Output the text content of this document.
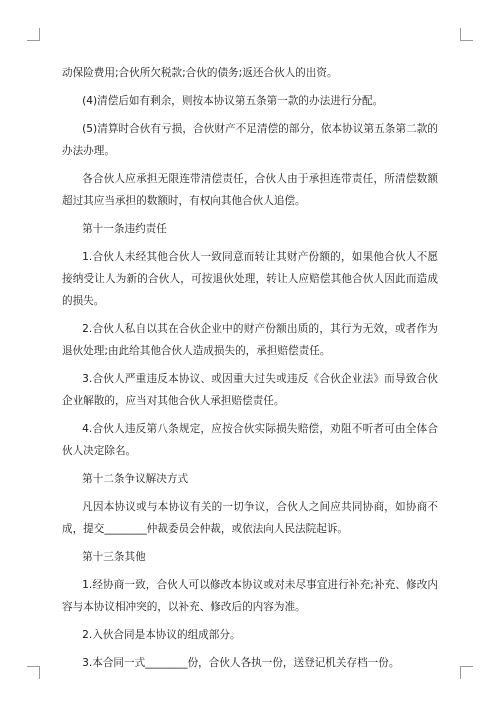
动保险费用;合伙所欠税款;合伙的债务;返还合伙人的出资。

(4)清偿后如有剩余，则按本协议第五条第一款的办法进行分配。

(5)清算时合伙有亏损，合伙财产不足清偿的部分，依本协议第五条第二款的办法办理。

各合伙人应承担无限连带清偿责任，合伙人由于承担连带责任，所清偿数额超过其应当承担的数额时，有权向其他合伙人追偿。

第十一条违约责任

1.合伙人未经其他合伙人一致同意而转让其财产份额的，如果他合伙人不愿接纳受让人为新的合伙人，可按退伙处理，转让人应赔偿其他合伙人因此而造成的损失。

2.合伙人私自以其在合伙企业中的财产份额出质的，其行为无效，或者作为退伙处理;由此给其他合伙人造成损失的，承担赔偿责任。

3.合伙人严重违反本协议、或因重大过失或违反《合伙企业法》而导致合伙企业解散的，应当对其他合伙人承担赔偿责任。

4.合伙人违反第八条规定，应按合伙实际损失赔偿，劝阻不听者可由全体合伙人决定除名。

第十二条争议解决方式

凡因本协议或与本协议有关的一切争议，合伙人之间应共同协商，如协商不成，提交________仲裁委员会仲裁，或依法向人民法院起诉。

第十三条其他

1.经协商一致，合伙人可以修改本协议或对未尽事宜进行补充;补充、修改内容与本协议相冲突的，以补充、修改后的内容为准。

2.入伙合同是本协议的组成部分。

3.本合同一式________份，合伙人各执一份，送登记机关存档一份。
